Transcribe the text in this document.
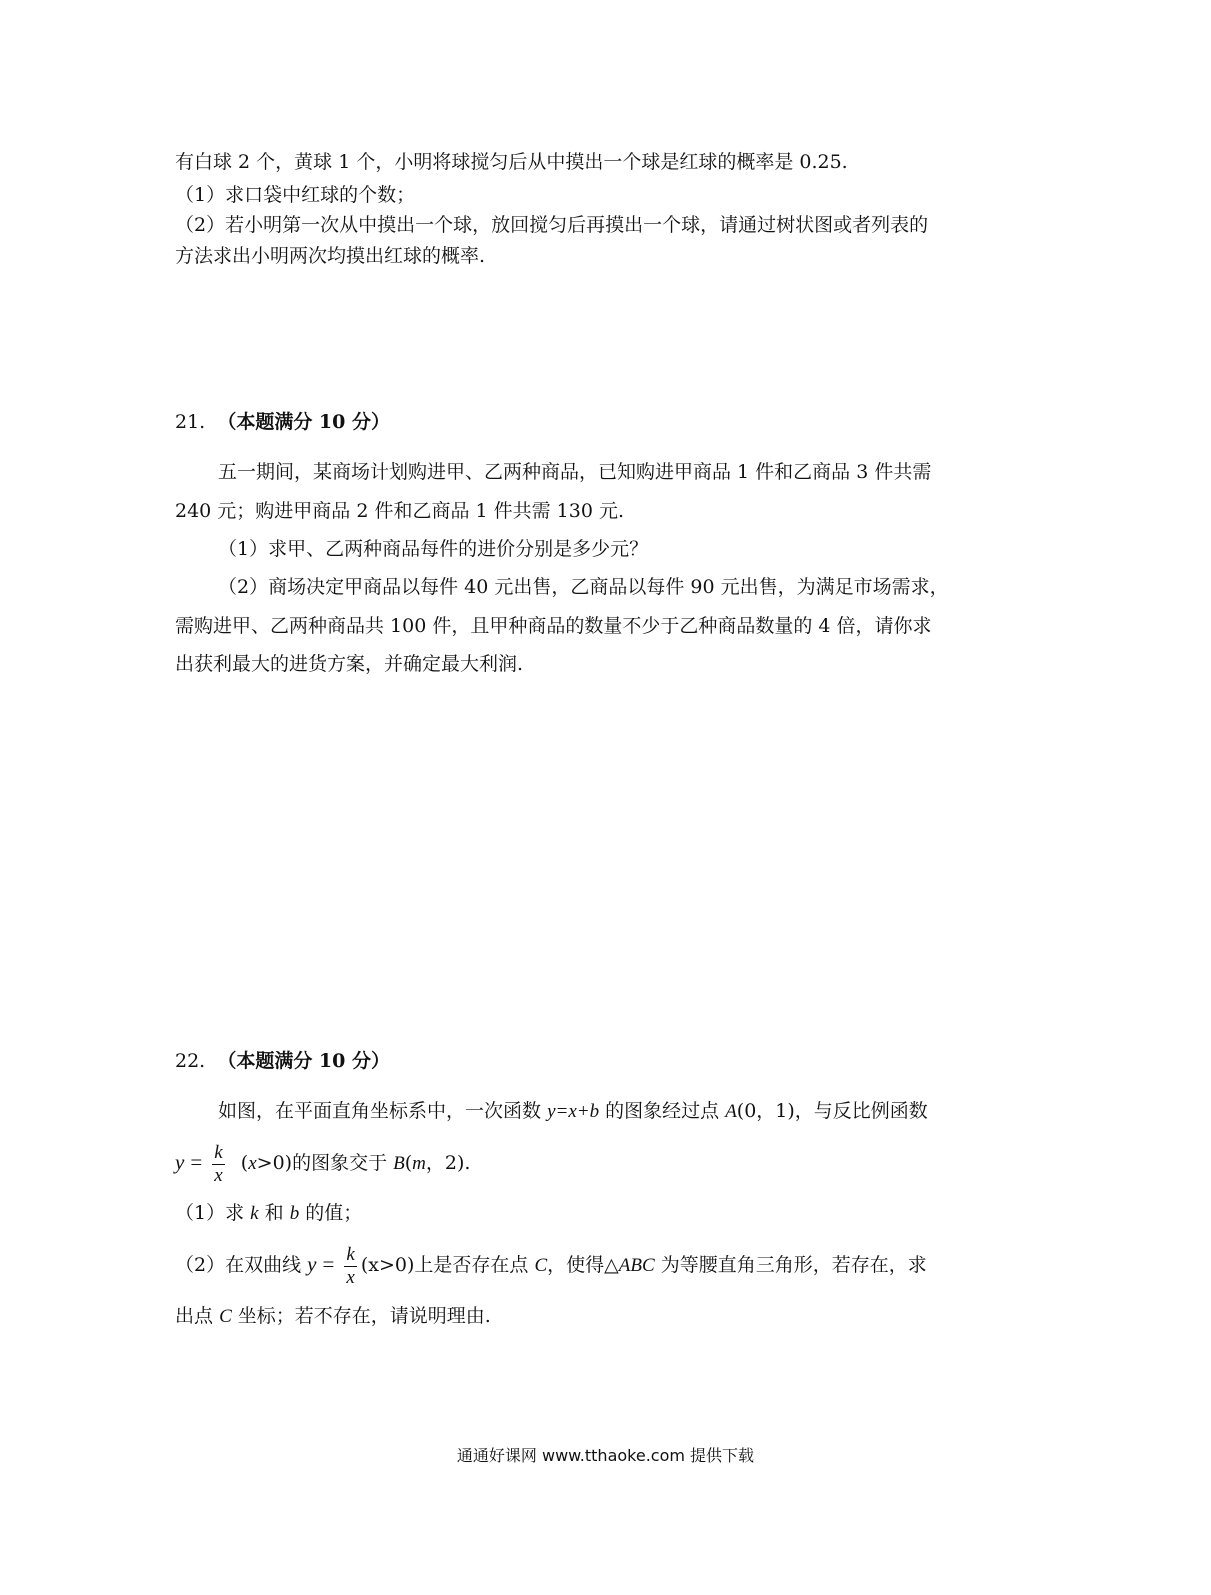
有白球 2 个，黄球 1 个，小明将球搅匀后从中摸出一个球是红球的概率是 0.25.
（1）求口袋中红球的个数；
（2）若小明第一次从中摸出一个球，放回搅匀后再摸出一个球，请通过树状图或者列表的
方法求出小明两次均摸出红球的概率.
21. （本题满分 10 分）
五一期间，某商场计划购进甲、乙两种商品，已知购进甲商品 1 件和乙商品 3 件共需
240 元；购进甲商品 2 件和乙商品 1 件共需 130 元.
（1）求甲、乙两种商品每件的进价分别是多少元？
（2）商场决定甲商品以每件 40 元出售，乙商品以每件 90 元出售，为满足市场需求，
需购进甲、乙两种商品共 100 件，且甲种商品的数量不少于乙种商品数量的 4 倍，请你求
出获利最大的进货方案，并确定最大利润.
22. （本题满分 10 分）
如图，在平面直角坐标系中，一次函数 y=x+b 的图象经过点 A(0，1)，与反比例函数
$y = \frac{k}{x} (x>0)$的图象交于 B(m，2).
（1）求 k 和 b 的值；
（2）在双曲线 $y = \frac{k}{x} (x>0)$上是否存在点 C，使得△ABC 为等腰直角三角形，若存在，求
出点 C 坐标；若不存在，请说明理由.
通通好课网 www.tthaoke.com 提供下载
